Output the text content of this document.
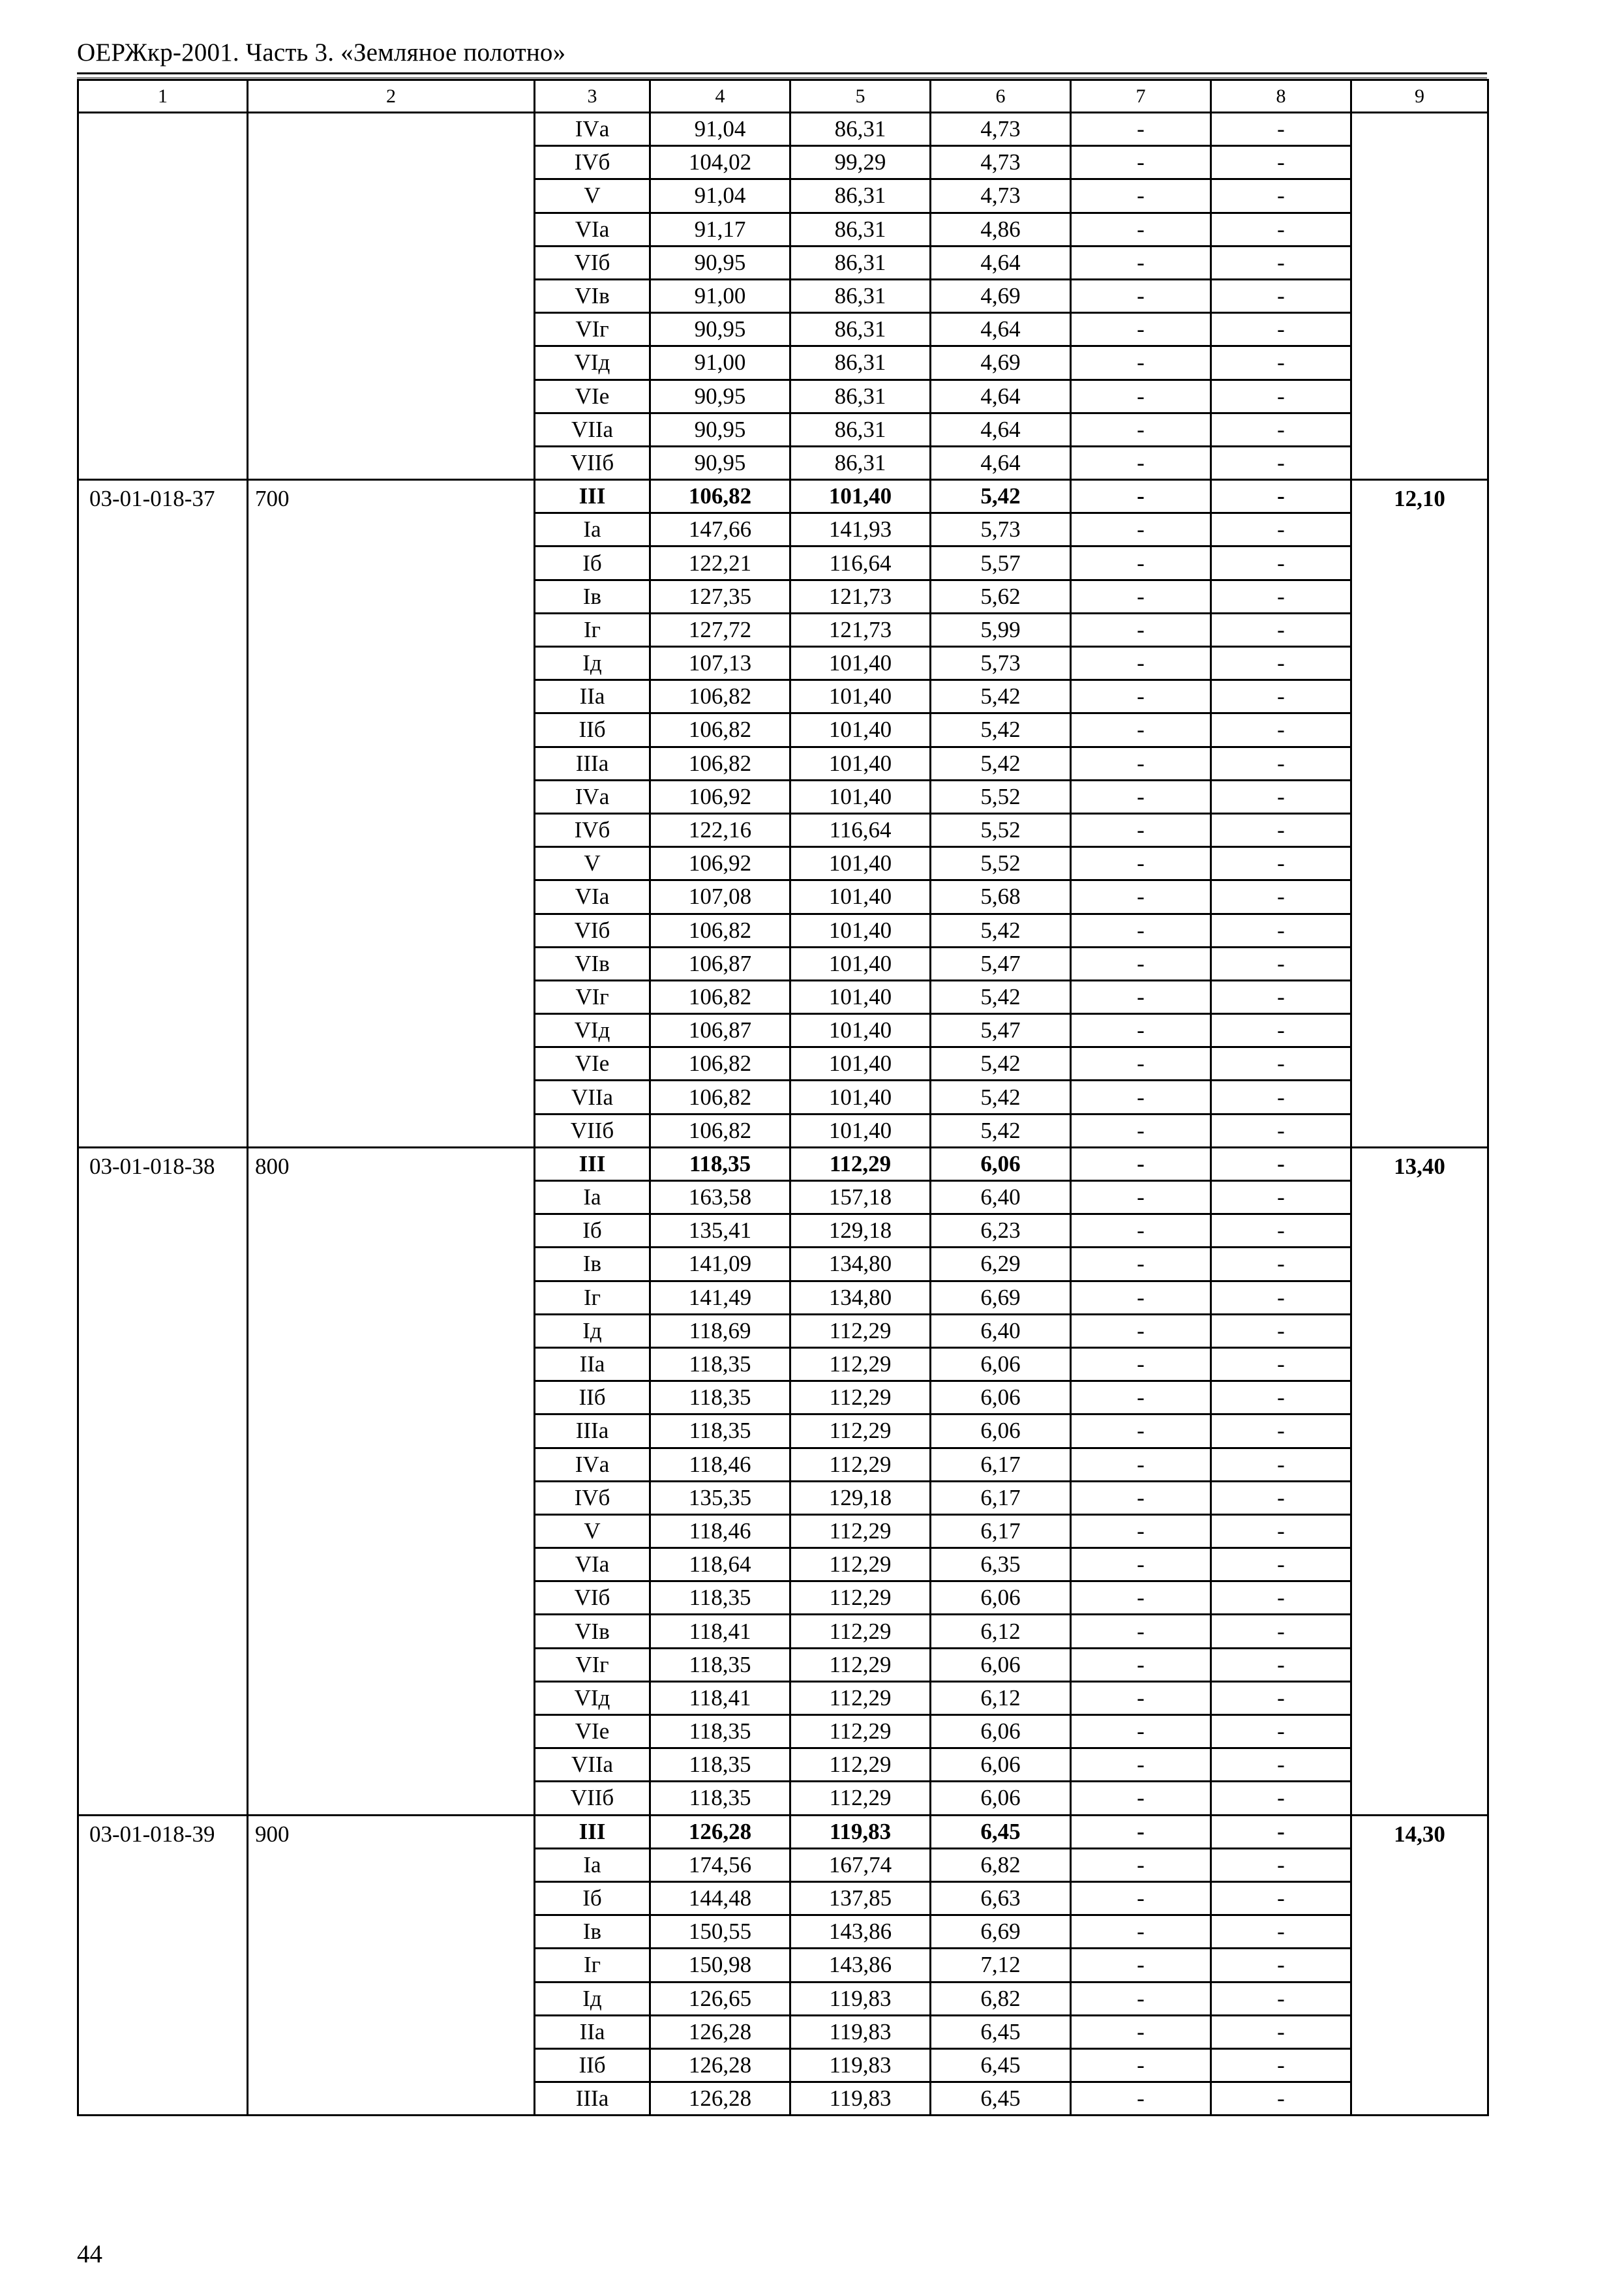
ОЕРЖкр-2001. Часть 3. «Земляное полотно»
1	2	3	4	5	6	7	8	9
		IVа	91,04	86,31	4,73	-	-	
		IVб	104,02	99,29	4,73	-	-	
		V	91,04	86,31	4,73	-	-	
		VIа	91,17	86,31	4,86	-	-	
		VIб	90,95	86,31	4,64	-	-	
		VIв	91,00	86,31	4,69	-	-	
		VIг	90,95	86,31	4,64	-	-	
		VIд	91,00	86,31	4,69	-	-	
		VIе	90,95	86,31	4,64	-	-	
		VIIа	90,95	86,31	4,64	-	-	
		VIIб	90,95	86,31	4,64	-	-	
03-01-018-37	700	III	106,82	101,40	5,42	-	-	12,10
		Iа	147,66	141,93	5,73	-	-	
		Iб	122,21	116,64	5,57	-	-	
		Iв	127,35	121,73	5,62	-	-	
		Iг	127,72	121,73	5,99	-	-	
		Iд	107,13	101,40	5,73	-	-	
		IIа	106,82	101,40	5,42	-	-	
		IIб	106,82	101,40	5,42	-	-	
		IIIа	106,82	101,40	5,42	-	-	
		IVа	106,92	101,40	5,52	-	-	
		IVб	122,16	116,64	5,52	-	-	
		V	106,92	101,40	5,52	-	-	
		VIа	107,08	101,40	5,68	-	-	
		VIб	106,82	101,40	5,42	-	-	
		VIв	106,87	101,40	5,47	-	-	
		VIг	106,82	101,40	5,42	-	-	
		VIд	106,87	101,40	5,47	-	-	
		VIе	106,82	101,40	5,42	-	-	
		VIIа	106,82	101,40	5,42	-	-	
		VIIб	106,82	101,40	5,42	-	-	
03-01-018-38	800	III	118,35	112,29	6,06	-	-	13,40
		Iа	163,58	157,18	6,40	-	-	
		Iб	135,41	129,18	6,23	-	-	
		Iв	141,09	134,80	6,29	-	-	
		Iг	141,49	134,80	6,69	-	-	
		Iд	118,69	112,29	6,40	-	-	
		IIа	118,35	112,29	6,06	-	-	
		IIб	118,35	112,29	6,06	-	-	
		IIIа	118,35	112,29	6,06	-	-	
		IVа	118,46	112,29	6,17	-	-	
		IVб	135,35	129,18	6,17	-	-	
		V	118,46	112,29	6,17	-	-	
		VIа	118,64	112,29	6,35	-	-	
		VIб	118,35	112,29	6,06	-	-	
		VIв	118,41	112,29	6,12	-	-	
		VIг	118,35	112,29	6,06	-	-	
		VIд	118,41	112,29	6,12	-	-	
		VIе	118,35	112,29	6,06	-	-	
		VIIа	118,35	112,29	6,06	-	-	
		VIIб	118,35	112,29	6,06	-	-	
03-01-018-39	900	III	126,28	119,83	6,45	-	-	14,30
		Iа	174,56	167,74	6,82	-	-	
		Iб	144,48	137,85	6,63	-	-	
		Iв	150,55	143,86	6,69	-	-	
		Iг	150,98	143,86	7,12	-	-	
		Iд	126,65	119,83	6,82	-	-	
		IIа	126,28	119,83	6,45	-	-	
		IIб	126,28	119,83	6,45	-	-	
		IIIа	126,28	119,83	6,45	-	-	
44
